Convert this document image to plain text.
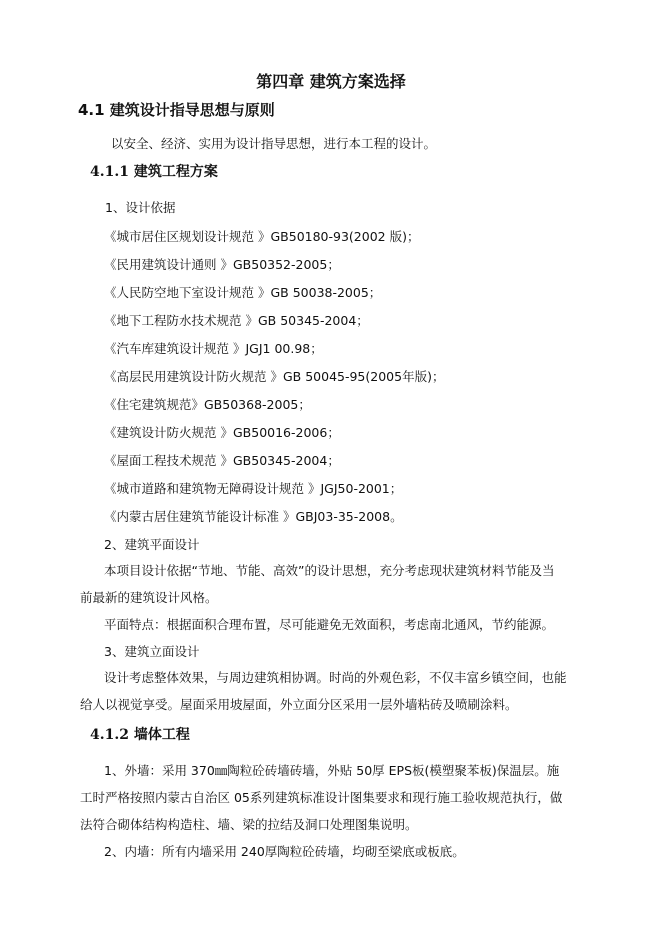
第四章 建筑方案选择
4.1 建筑设计指导思想与原则
以安全、经济、实用为设计指导思想，进行本工程的设计。
4.1.1 建筑工程方案
1、设计依据
《城市居住区规划设计规范 》GB50180-93(2002 版)；
《民用建筑设计通则 》GB50352-2005；
《人民防空地下室设计规范 》GB 50038-2005；
《地下工程防水技术规范 》GB 50345-2004；
《汽车库建筑设计规范 》JGJ1 00.98；
《高层民用建筑设计防火规范 》GB 50045-95(2005年版)；
《住宅建筑规范》GB50368-2005；
《建筑设计防火规范 》GB50016-2006；
《屋面工程技术规范 》GB50345-2004；
《城市道路和建筑物无障碍设计规范 》JGJ50-2001；
《内蒙古居住建筑节能设计标准 》GBJ03-35-2008。
2、建筑平面设计
本项目设计依据“节地、节能、高效”的设计思想，充分考虑现状建筑材料节能及当
前最新的建筑设计风格。
平面特点：根据面积合理布置，尽可能避免无效面积，考虑南北通风，节约能源。
3、建筑立面设计
设计考虑整体效果，与周边建筑相协调。时尚的外观色彩，不仅丰富乡镇空间，也能
给人以视觉享受。屋面采用坡屋面，外立面分区采用一层外墙粘砖及喷刷涂料。
4.1.2 墙体工程
1、外墙：采用 370㎜陶粒砼砖墙砖墙，外贴 50厚 EPS板(模塑聚苯板)保温层。施
工时严格按照内蒙古自治区 05系列建筑标准设计图集要求和现行施工验收规范执行，做
法符合砌体结构构造柱、墙、梁的拉结及洞口处理图集说明。
2、内墙：所有内墙采用 240厚陶粒砼砖墙，均砌至梁底或板底。
